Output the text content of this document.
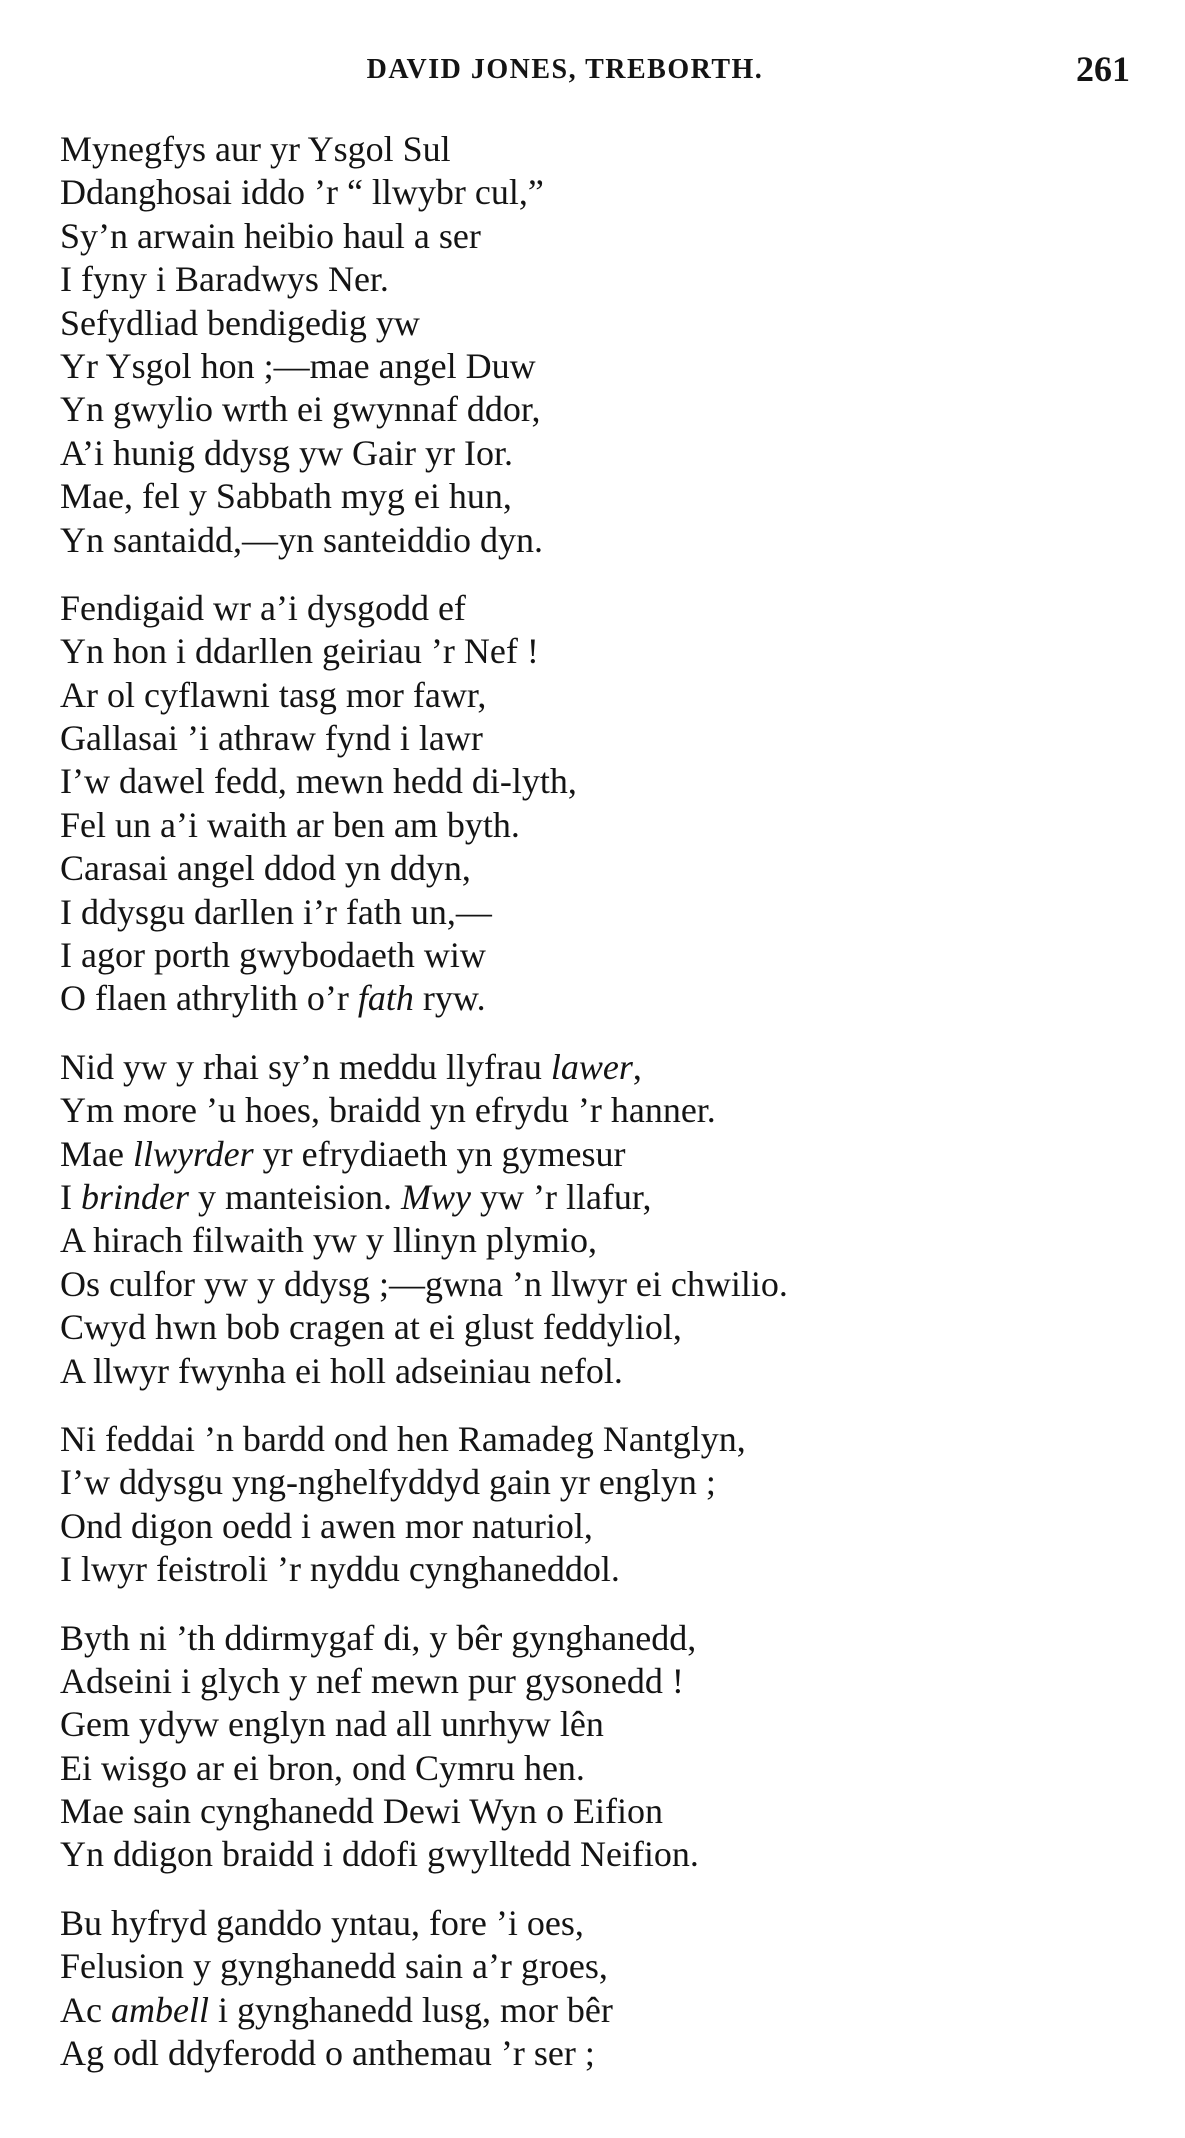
DAVID JONES, TREBORTH.	261
Mynegfys aur yr Ysgol Sul
Ddanghosai iddo ’r “ llwybr cul,”
Sy’n arwain heibio haul a ser
I fyny i Baradwys Ner.
Sefydliad bendigedig yw
Yr Ysgol hon ;—mae angel Duw
Yn gwylio wrth ei gwynnaf ddor,
A’i hunig ddysg yw Gair yr Ior.
Mae, fel y Sabbath myg ei hun,
Yn santaidd,—yn santeiddio dyn.
Fendigaid wr a’i dysgodd ef
Yn hon i ddarllen geiriau ’r Nef !
Ar ol cyflawni tasg mor fawr,
Gallasai ’i athraw fynd i lawr
I’w dawel fedd, mewn hedd di-lyth,
Fel un a’i waith ar ben am byth.
Carasai angel ddod yn ddyn,
I ddysgu darllen i’r fath un,—
I agor porth gwybodaeth wiw
O flaen athrylith o’r fath ryw.
Nid yw y rhai sy’n meddu llyfrau lawer,
Ym more ’u hoes, braidd yn efrydu ’r hanner.
Mae llwyrder yr efrydiaeth yn gymesur
I brinder y manteision. Mwy yw ’r llafur,
A hirach filwaith yw y llinyn plymio,
Os culfor yw y ddysg ;—gwna ’n llwyr ei chwilio.
Cwyd hwn bob cragen at ei glust feddyliol,
A llwyr fwynha ei holl adseiniau nefol.
Ni feddai ’n bardd ond hen Ramadeg Nantglyn,
I’w ddysgu yng-nghelfyddyd gain yr englyn ;
Ond digon oedd i awen mor naturiol,
I lwyr feistroli ’r nyddu cynghaneddol.
Byth ni ’th ddirmygaf di, y bêr gynghanedd,
Adseini i glych y nef mewn pur gysonedd !
Gem ydyw englyn nad all unrhyw lên
Ei wisgo ar ei bron, ond Cymru hen.
Mae sain cynghanedd Dewi Wyn o Eifion
Yn ddigon braidd i ddofi gwylltedd Neifion.
Bu hyfryd ganddo yntau, fore ’i oes,
Felusion y gynghanedd sain a’r groes,
Ac ambell i gynghanedd lusg, mor bêr
Ag odl ddyferodd o anthemau ’r ser ;
